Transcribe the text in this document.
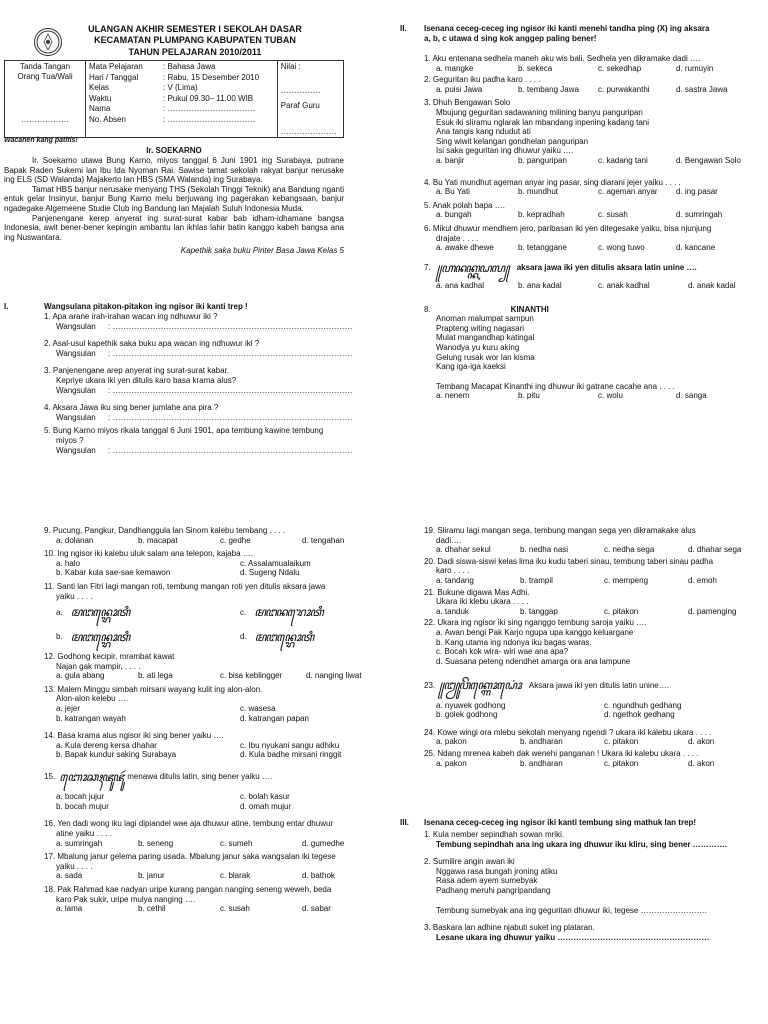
ULANGAN AKHIR SEMESTER I SEKOLAH DASAR
KECAMATAN PLUMPANG KABUPATEN TUBAN
TAHUN PELAJARAN 2010/2011
Tanda Tangan
Orang Tua/Wali
………………

Mata Pelajaran	: Bahasa Jawa
Hari / Tanggal	: Rabu, 15 Desember 2010
Kelas	: V (Lima)
Waktu	: Pukul 09.30– 11.00 WIB
Nama	: ……………………………
No. Absen	: ……………………………

Nilai :
……………
Paraf Guru
…………………
Wacanen kang patitis!
Ir. SOEKARNO
Ir. Soekarno utawa Bung Karno, miyos tanggal 6 Juni 1901 ing Surabaya, putrane Bapak Raden Sukemi lan Ibu Ida Nyoman Rai. Sawise tamat sekolah rakyat banjur nerusake ing ELS (SD Walanda) Majakerto lan HBS (SMA Walanda) ing Surabaya.
Tamat HBS banjur nerusake menyang THS (Sekolah Tinggi Teknik) ana Bandung nganti entuk gelar Insinyur, banjur Bung Karno melu berjuwang ing pagerakan kebangsaan, banjur ngadegake Algemeene Studie Club ing Bandung lan Majalah Suluh Indonesia Muda.
Panjenengane kerep anyerat ing surat-surat kabar bab idham-idhamane bangsa Indonesia, awit bener-bener kepingin ambantu lan ikhlas lahir batin kanggo kabeh bangsa ana ing Nuswantara.
Kapethik saka buku Pinter Basa Jawa Kelas 5
I.	Wangsulana pitakon-pitakon ing ngisor iki kanti trep !
1. Apa arane irah-irahan wacan ing ndhuwur iki ?
Wangsulan	: ………………………………………………………………………………
2. Asal-usul kapethik saka buku apa wacan ing ndhuwur iki ?
Wangsulan	: ………………………………………………………………………………
3. Panjenengane arep anyerat ing surat-surat kabar.
Kepriye ukara iki yen ditulis karo basa krama alus?
Wangsulan	: ………………………………………………………………………………
4. Aksara Jawa iku sing bener jumlahe ana pira ?
Wangsulan	: ………………………………………………………………………………
5. Bung Karno miyos rikala tanggal 6 Juni 1901, apa tembung kawine tembung
miyos ?
Wangsulan	: ………………………………………………………………………………
II. Isenana ceceg-ceceg ing ngisor iki kanti menehi tandha ping (X) ing aksara
a, b, c utawa d sing kok anggep paling bener!
1. Aku entenana sedhela maneh aku wis bali. Sedhela yen dikramake dadi ….
a. mangke	b. sekeca	c. sekedhap	d. rumuyin
2. Geguritan iku padha karo . . . .
a. puisi Jawa	b. tembang Jawa	c. purwakanthi	d. sastra Jawa
3. Dhuh Bengawan Solo
Mbujung geguritan sadawaning milining banyu panguripan
Esuk iki sliramu nglarak lan mbandang inpening kadang tani
Ana tangis kang ndudut ati
Sing wiwit kelangan gondhelan panguripan
Isi saka geguritan ing dhuwur yaiku ….
a. banjir	b. panguripan	c. kadang tani	d. Bengawan Solo
4. Bu Yati mundhut ageman anyar ing pasar, sing diarani jejer yaiku . . . .
a. Bu Yati	b. mundhut	c. ageman anyar	d. ing pasar
5. Anak polah bapa ….
a. bungah	b. kepradhah	c. susah	d. sumringah
6. Mikul dhuwur mendhem jero, paribasan iki yen ditegesake yaiku, bisa njunjung
drajate . . . .
a. awake dhewe	b. tetanggane	c. wong tuwo	d. kancane
7. ꧋ꦲꦤꦏ꧀ꦏꦝꦭ꧀ aksara jawa iki yen ditulis aksara latin unine ….
a. ana kadhal	b. ana kadal	c. anak kadhal	d. anak kadal
8.	KINANTHI
Anoman malumpat sampun
Prapteng witing nagasari
Mulat mangandhap katingal
Wanodya yu kuru aking
Gelung rusak wor lan kisma
Kang iga-iga kaeksi
Tembang Macapat Kinanthi ing dhuwur iki gatrane cacahe ana . . . .
a. nenem	b. pitu	c. wolu	d. sanga
9. Pucung, Pangkur, Dandhanggula lan Sinom kalebu tembang . . . .
a. dolanan	b. macapat	c. gedhe	d. tengahan
10. Ing ngisor iki kalebu uluk salam ana telepon, kajaba ….
a. halo	c. Assalamualaikum
b. Kabar kula sae-sae kemawon	d. Sugeng Ndalu
11. Santi lan Fitri lagi mangan roti, tembung mangan roti yen ditulis aksara jawa
yaiku . . . .
a. ꦩꦔꦤ꧀ꦫꦺꦴꦠꦶ	c. ꦩꦔꦤꦫꦺꦴꦠꦶ
b. ꦩꦔꦤ꧀ꦫꦺꦴꦠꦶ	d. ꦩꦔꦤ꧀ꦫꦺꦴꦠꦶ
12. Godhong kecipir, mrambat kawat
Najan gak mampir, . . . .
a. gula abang	b. ati lega	c. bisa keblingger	d. nanging liwat
13. Malem Minggu simbah mirsani wayang kulit ing alon-alon.
Alon-alon kelebu ….
a. jejer	c. wasesa
b. katrangan wayah	d. katrangan papan
14. Basa krama alus ngisor iki sing bener yaiku ….
a. Kula dereng kersa dhahar	c. Ibu nyukani sangu adhiku
b. Bapak kundur saking Surabaya	d. Kula badhe mirsani ringgit
15. ꦧꦺꦴꦕꦃꦗꦸꦗꦸꦂ menawa ditulis latin, sing bener yaiku ….
a. bocah jujur	c. bolah kasur
b. bocah mujur	d. omah mujur
16. Yen dadi wong iku lagi dipiandel wae aja dhuwur atine, tembung entar dhuwur
atine yaiku . . . .
a. sumringah	b. seneng	c. sumeh	d. gumedhe
17. Mbalung janur gelema paring usada. Mbalung janur saka wangsalan iki tegese
yaiku . . . .
a. sada	b. janur	c. blarak	d. bathok
18. Pak Rahmad kae nadyan uripe kurang pangan nanging seneng weweh, beda
karo Pak sukir, uripe mulya nanging ….
a. lama	b. cethil	c. susah	d. sabar
19. Sliramu lagi mangan sega, tembung mangan sega yen dikramakake alus
dadi….
a. dhahar sekul	b. nedha nasi	c. nedha sega	d. dhahar sega
20. Dadi siswa-siswi kelas lima iku kudu taberi sinau, tembung taberi sinau padha
karo . . . .
a. tandang	b. trampil	c. mempeng	d. emoh
21. Bukune digawa Mas Adhi.
Ukara iki klebu ukara . . . .
a. tanduk	b. tanggap	c. pitakon	d. pamenging
22. Ukara ing ngisor iki sing nganggo tembung saroja yaiku ….
a. Awan bengi Pak Karjo ngupa upa kanggo keluargane
b. Kang utama ing ndonya iku bagas waras.
c. Bocah kok wira- wiri wae ana apa?
d. Suasana peteng ndendhet amarga ora ana lampune
23. ꧋ꦔꦾꦸꦮꦼꦏ꧀ꦒꦺꦴꦝꦺꦴꦁ Aksara jawa iki yen ditulis latin unine….
a. nyuwek godhong	c. ngundhuh gedhang
b. golek godhong	d. ngethok gedhang
24. Kowe wingi ora mlebu sekolah menyang ngendi ? ukara iki kalebu ukara . . . .
a. pakon	b. andharan	c. pitakon	d. akon
25. Ndang mrenea kabeh dak wenehi panganan ! Ukara iki kalebu ukara . . . .
a. pakon	b. andharan	c. pitakon	d. akon
III. Isenana ceceg-ceceg ing ngisor iki kanti tembung sing mathuk lan trep!
1. Kula nember sepindhah sowan mriki.
Tembung sepindhah ana ing ukara ing dhuwur iku kliru, sing bener ………….
2. Sumilire angin awan iki
Nggawa rasa bungah jroning atiku
Rasa adem ayem sumebyak
Padhang meruhi pangripandang
Tembung sumebyak ana ing geguritan dhuwur iki, tegese …………………….
3. Baskara lan adhine njabuti suket ing plataran.
Lesane ukara ing dhuwur yaiku …………………………………………………
